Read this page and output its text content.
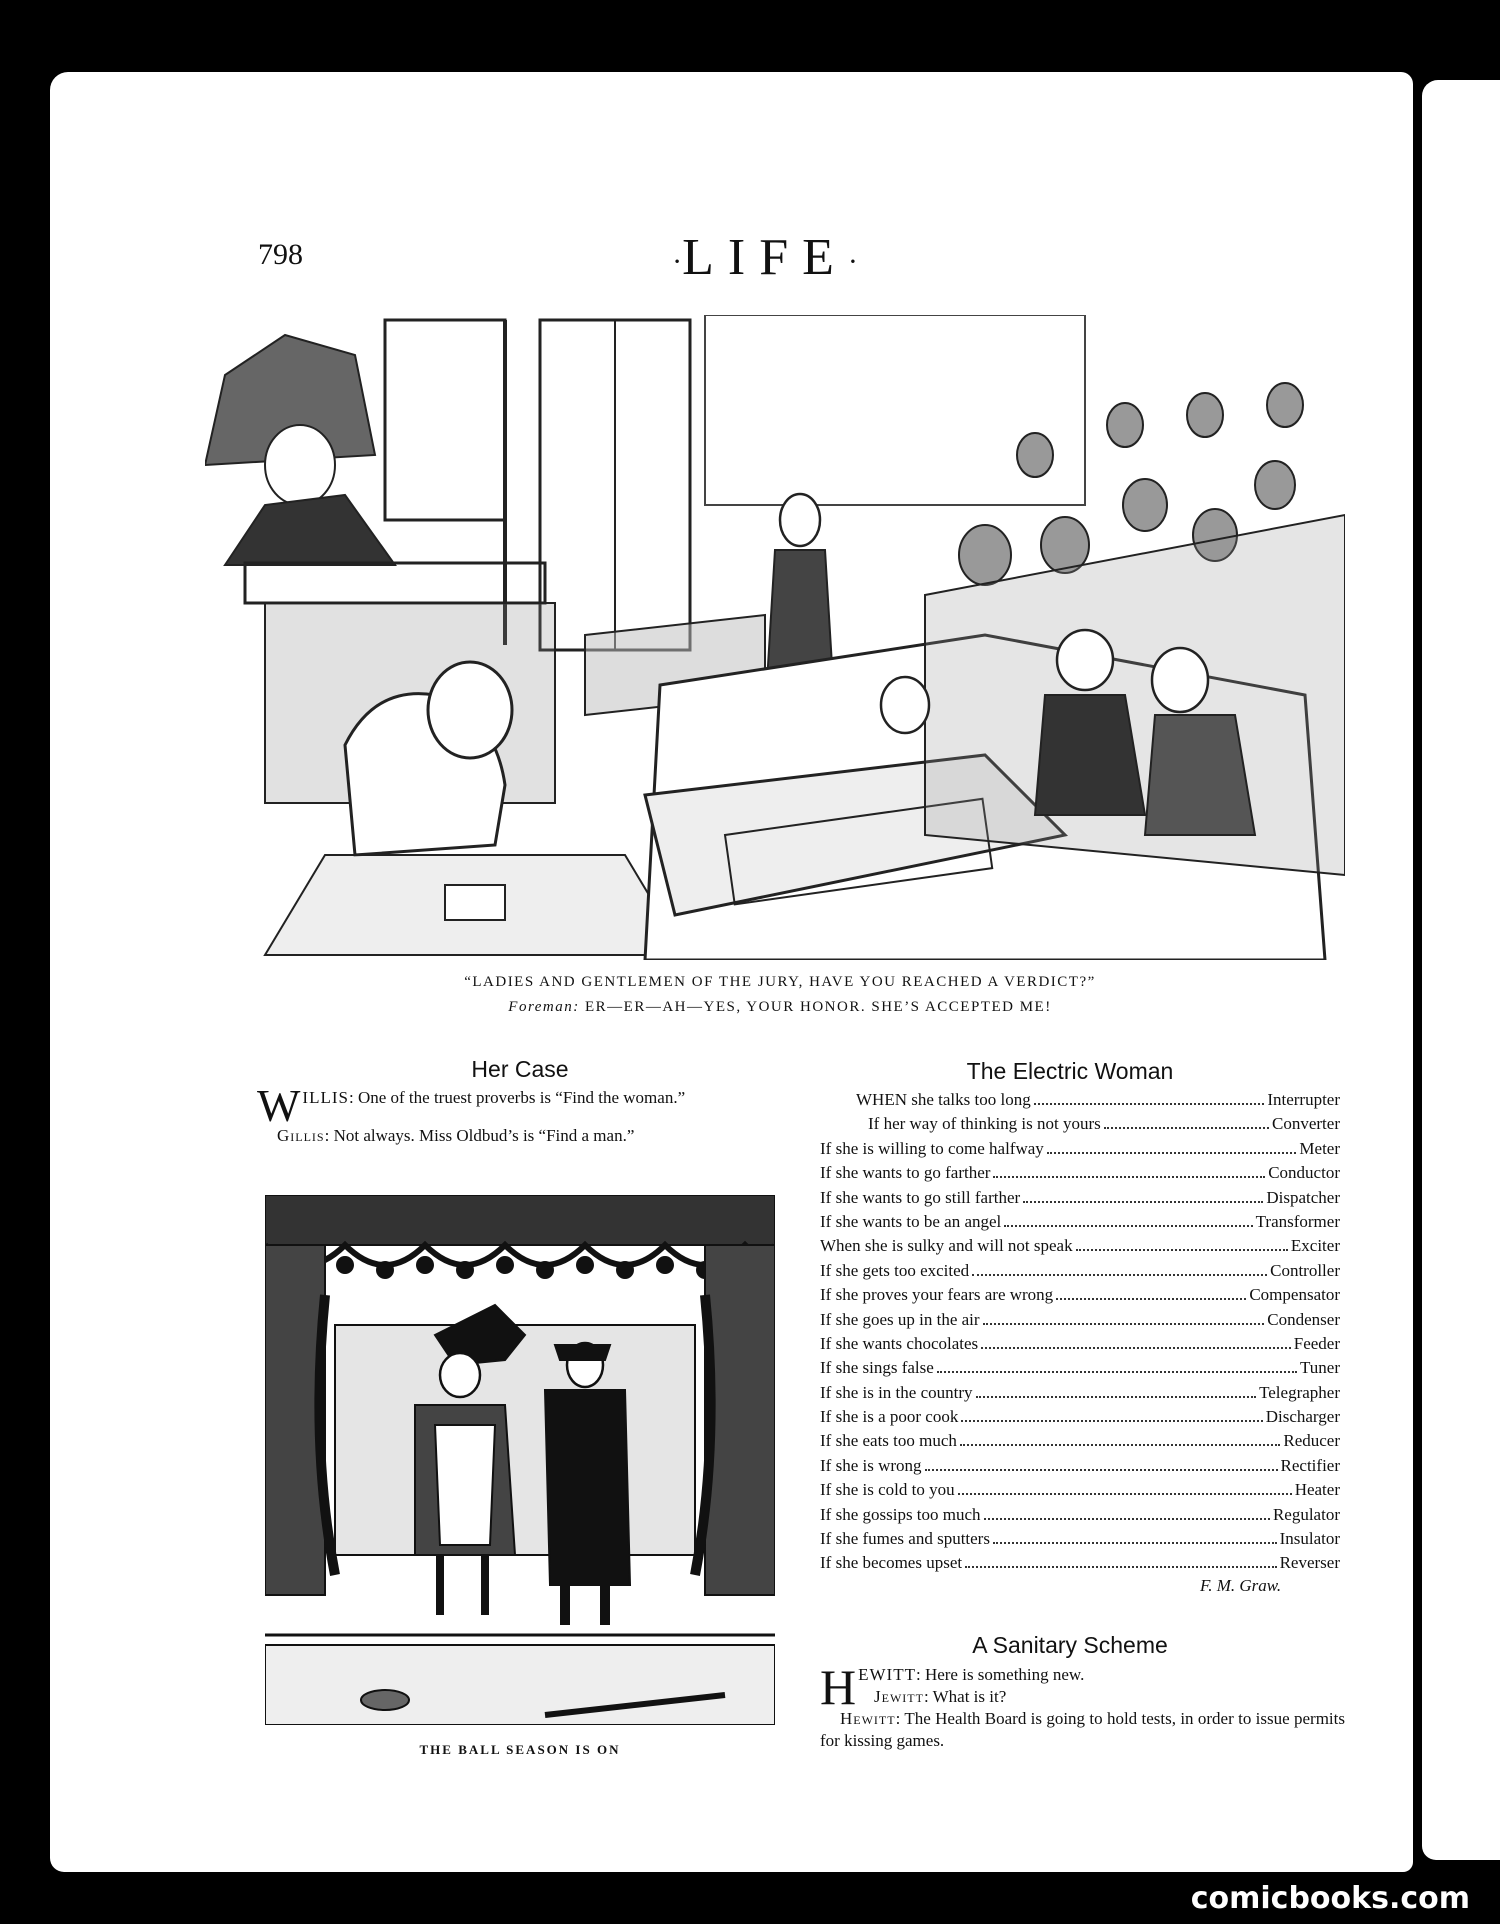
798	·LIFE·
“LADIES AND GENTLEMEN OF THE JURY, HAVE YOU REACHED A VERDICT?”
Foreman: ER—ER—AH—YES, YOUR HONOR. SHE’S ACCEPTED ME!
Her Case
WILLIS: One of the truest proverbs is “Find the woman.”
Gillis: Not always. Miss Oldbud’s is “Find a man.”
THE BALL SEASON IS ON
The Electric Woman
WHEN she talks too long	Interrupter
If her way of thinking is not yours	Converter
If she is willing to come halfway	Meter
If she wants to go farther	Conductor
If she wants to go still farther	Dispatcher
If she wants to be an angel	Transformer
When she is sulky and will not speak	Exciter
If she gets too excited	Controller
If she proves your fears are wrong	Compensator
If she goes up in the air	Condenser
If she wants chocolates	Feeder
If she sings false	Tuner
If she is in the country	Telegrapher
If she is a poor cook	Discharger
If she eats too much	Reducer
If she is wrong	Rectifier
If she is cold to you	Heater
If she gossips too much	Regulator
If she fumes and sputters	Insulator
If she becomes upset	Reverser
F. M. Graw.
A Sanitary Scheme
HEWITT: Here is something new.
Jewitt: What is it?
Hewitt: The Health Board is going to hold tests, in order to issue permits for kissing games.
comicbooks.com
